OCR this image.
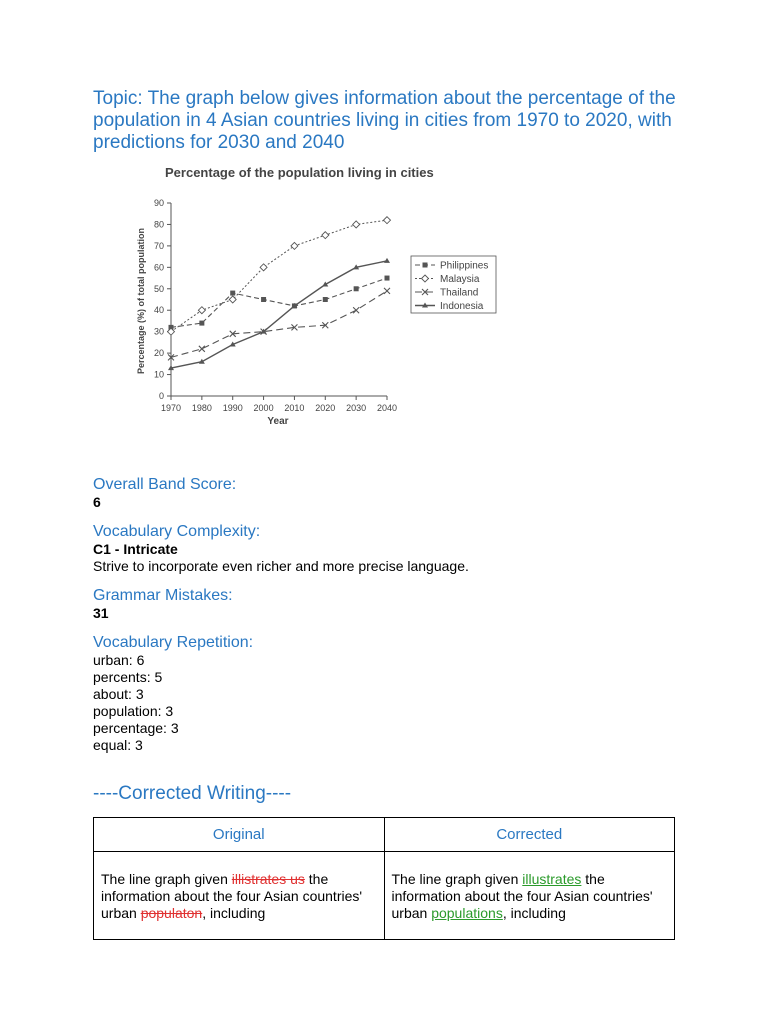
Topic: The graph below gives information about the percentage of the population in 4 Asian countries living in cities from 1970 to 2020, with predictions for 2030 and 2040
Percentage of the population living in cities
Year
Percentage (%) of total population
0
10
20
30
40
50
60
70
80
90
1970 1980 1990 2000 2010 2020 2030 2040
Philippines
Malaysia
Thailand
Indonesia
Overall Band Score:
6
Vocabulary Complexity:
C1 - Intricate
Strive to incorporate even richer and more precise language.
Grammar Mistakes:
31
Vocabulary Repetition:
urban: 6
percents: 5
about: 3
population: 3
percentage: 3
equal: 3
----Corrected Writing----
Original	Corrected
The line graph given illistrates us the information about the four Asian countries' urban populaton, including	The line graph given illustrates the information about the four Asian countries' urban populations, including
